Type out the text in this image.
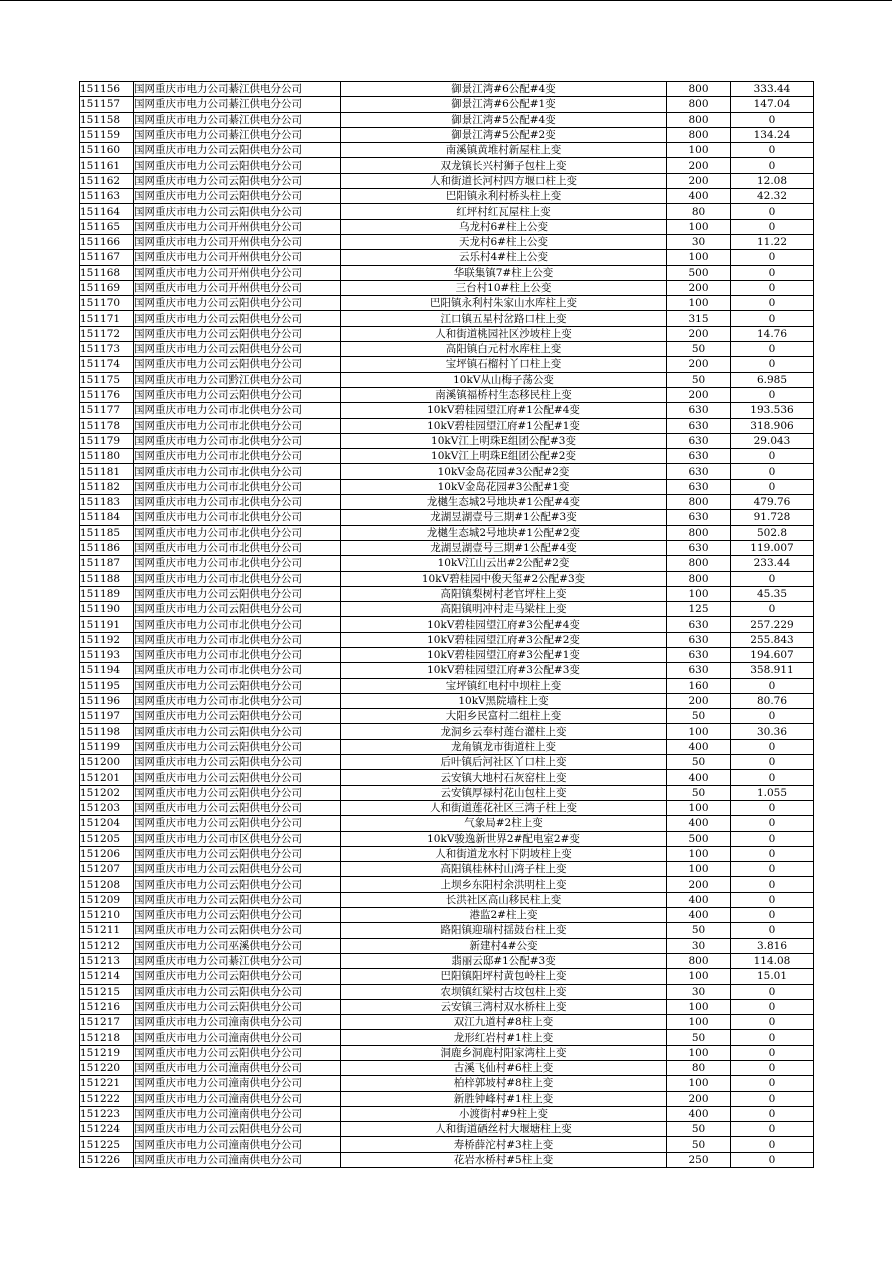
151156	国网重庆市电力公司綦江供电分公司	御景江湾#6公配#4变	800	333.44
151157	国网重庆市电力公司綦江供电分公司	御景江湾#6公配#1变	800	147.04
151158	国网重庆市电力公司綦江供电分公司	御景江湾#5公配#4变	800	0
151159	国网重庆市电力公司綦江供电分公司	御景江湾#5公配#2变	800	134.24
151160	国网重庆市电力公司云阳供电分公司	南溪镇黄堆村新屋柱上变	100	0
151161	国网重庆市电力公司云阳供电分公司	双龙镇长兴村狮子包柱上变	200	0
151162	国网重庆市电力公司云阳供电分公司	人和街道长河村四方堰口柱上变	200	12.08
151163	国网重庆市电力公司云阳供电分公司	巴阳镇永利村桥头柱上变	400	42.32
151164	国网重庆市电力公司云阳供电分公司	红坪村红瓦屋柱上变	80	0
151165	国网重庆市电力公司开州供电分公司	乌龙村6#柱上公变	100	0
151166	国网重庆市电力公司开州供电分公司	天龙村6#柱上公变	30	11.22
151167	国网重庆市电力公司开州供电分公司	云乐村4#柱上公变	100	0
151168	国网重庆市电力公司开州供电分公司	华联集镇7#柱上公变	500	0
151169	国网重庆市电力公司开州供电分公司	三台村10#柱上公变	200	0
151170	国网重庆市电力公司云阳供电分公司	巴阳镇永利村朱家山水库柱上变	100	0
151171	国网重庆市电力公司云阳供电分公司	江口镇五星村岔路口柱上变	315	0
151172	国网重庆市电力公司云阳供电分公司	人和街道桃园社区沙坡柱上变	200	14.76
151173	国网重庆市电力公司云阳供电分公司	高阳镇白元村水库柱上变	50	0
151174	国网重庆市电力公司云阳供电分公司	宝坪镇石榴村丫口柱上变	200	0
151175	国网重庆市电力公司黔江供电分公司	10kV从山梅子荡公变	50	6.985
151176	国网重庆市电力公司云阳供电分公司	南溪镇福桥村生态移民柱上变	200	0
151177	国网重庆市电力公司市北供电分公司	10kV碧桂园望江府#1公配#4变	630	193.536
151178	国网重庆市电力公司市北供电分公司	10kV碧桂园望江府#1公配#1变	630	318.906
151179	国网重庆市电力公司市北供电分公司	10kV江上明珠E组团公配#3变	630	29.043
151180	国网重庆市电力公司市北供电分公司	10kV江上明珠E组团公配#2变	630	0
151181	国网重庆市电力公司市北供电分公司	10kV金岛花园#3公配#2变	630	0
151182	国网重庆市电力公司市北供电分公司	10kV金岛花园#3公配#1变	630	0
151183	国网重庆市电力公司市北供电分公司	龙樾生态城2号地块#1公配#4变	800	479.76
151184	国网重庆市电力公司市北供电分公司	龙湖昱湖壹号三期#1公配#3变	630	91.728
151185	国网重庆市电力公司市北供电分公司	龙樾生态城2号地块#1公配#2变	800	502.8
151186	国网重庆市电力公司市北供电分公司	龙湖昱湖壹号三期#1公配#4变	630	119.007
151187	国网重庆市电力公司市北供电分公司	10kV江山云出#2公配#2变	800	233.44
151188	国网重庆市电力公司市北供电分公司	10kV碧桂园中俊天玺#2公配#3变	800	0
151189	国网重庆市电力公司云阳供电分公司	高阳镇梨树村老官坪柱上变	100	45.35
151190	国网重庆市电力公司云阳供电分公司	高阳镇明冲村走马梁柱上变	125	0
151191	国网重庆市电力公司市北供电分公司	10kV碧桂园望江府#3公配#4变	630	257.229
151192	国网重庆市电力公司市北供电分公司	10kV碧桂园望江府#3公配#2变	630	255.843
151193	国网重庆市电力公司市北供电分公司	10kV碧桂园望江府#3公配#1变	630	194.607
151194	国网重庆市电力公司市北供电分公司	10kV碧桂园望江府#3公配#3变	630	358.911
151195	国网重庆市电力公司云阳供电分公司	宝坪镇红电村中坝柱上变	160	0
151196	国网重庆市电力公司市北供电分公司	10kV黑院墙柱上变	200	80.76
151197	国网重庆市电力公司云阳供电分公司	大阳乡民富村二组柱上变	50	0
151198	国网重庆市电力公司云阳供电分公司	龙洞乡云奉村莲台灌柱上变	100	30.36
151199	国网重庆市电力公司云阳供电分公司	龙角镇龙市街道柱上变	400	0
151200	国网重庆市电力公司云阳供电分公司	后叶镇后河社区丫口柱上变	50	0
151201	国网重庆市电力公司云阳供电分公司	云安镇大地村石灰窑柱上变	400	0
151202	国网重庆市电力公司云阳供电分公司	云安镇厚禄村花山包柱上变	50	1.055
151203	国网重庆市电力公司云阳供电分公司	人和街道莲花社区三湾子柱上变	100	0
151204	国网重庆市电力公司云阳供电分公司	气象局#2柱上变	400	0
151205	国网重庆市电力公司市区供电分公司	10kV骏逸新世界2#配电室2#变	500	0
151206	国网重庆市电力公司云阳供电分公司	人和街道龙水村下阴坡柱上变	100	0
151207	国网重庆市电力公司云阳供电分公司	高阳镇桂林村山湾子柱上变	100	0
151208	国网重庆市电力公司云阳供电分公司	上坝乡东阳村余洪明柱上变	200	0
151209	国网重庆市电力公司云阳供电分公司	长洪社区高山移民柱上变	400	0
151210	国网重庆市电力公司云阳供电分公司	港监2#柱上变	400	0
151211	国网重庆市电力公司云阳供电分公司	路阳镇迎瑞村揺鼓台柱上变	50	0
151212	国网重庆市电力公司巫溪供电分公司	新建村4#公变	30	3.816
151213	国网重庆市电力公司綦江供电分公司	翡丽云邸#1公配#3变	800	114.08
151214	国网重庆市电力公司云阳供电分公司	巴阳镇阳坪村黄包岭柱上变	100	15.01
151215	国网重庆市电力公司云阳供电分公司	农坝镇红梁村古坟包柱上变	30	0
151216	国网重庆市电力公司云阳供电分公司	云安镇三湾村双水桥柱上变	100	0
151217	国网重庆市电力公司潼南供电分公司	双江九道村#8柱上变	100	0
151218	国网重庆市电力公司潼南供电分公司	龙形红岩村#1柱上变	50	0
151219	国网重庆市电力公司云阳供电分公司	洞鹿乡洞鹿村阳家湾柱上变	100	0
151220	国网重庆市电力公司潼南供电分公司	古溪飞仙村#6柱上变	80	0
151221	国网重庆市电力公司潼南供电分公司	柏梓郭坡村#8柱上变	100	0
151222	国网重庆市电力公司潼南供电分公司	新胜钟峰村#1柱上变	200	0
151223	国网重庆市电力公司潼南供电分公司	小渡街村#9柱上变	400	0
151224	国网重庆市电力公司云阳供电分公司	人和街道硒丝村大堰塘柱上变	50	0
151225	国网重庆市电力公司潼南供电分公司	寿桥薛沱村#3柱上变	50	0
151226	国网重庆市电力公司潼南供电分公司	花岩水桥村#5柱上变	250	0
